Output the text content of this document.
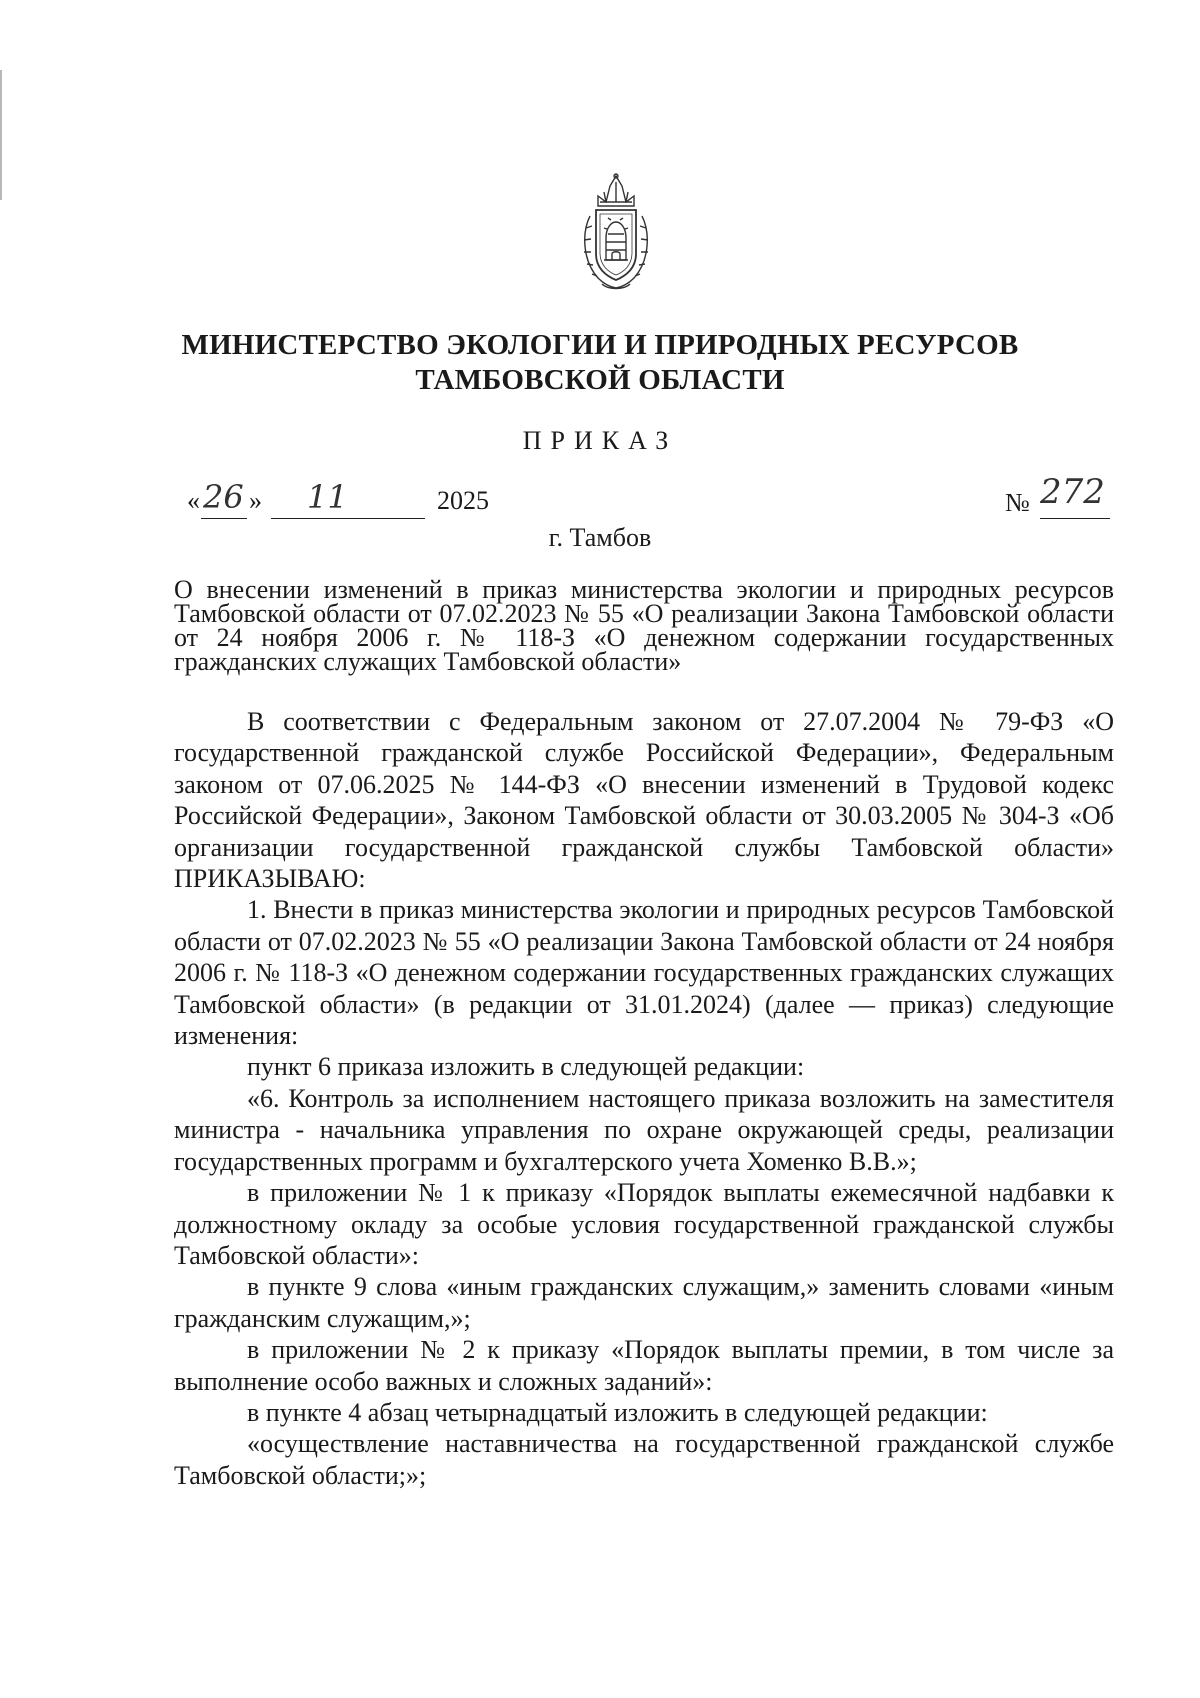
МИНИСТЕРСТВО ЭКОЛОГИИ И ПРИРОДНЫХ РЕСУРСОВ
ТАМБОВСКОЙ ОБЛАСТИ
ПРИКАЗ
« 26 » 11	2025	№ 272
г. Тамбов
О внесении изменений в приказ министерства экологии и природных ресурсов Тамбовской области от 07.02.2023 № 55 «О реализации Закона Тамбовской области от 24 ноября 2006 г. № 118-З «О денежном содержании государственных гражданских служащих Тамбовской области»

В соответствии с Федеральным законом от 27.07.2004 № 79-ФЗ «О государственной гражданской службе Российской Федерации», Федеральным законом от 07.06.2025 № 144-ФЗ «О внесении изменений в Трудовой кодекс Российской Федерации», Законом Тамбовской области от 30.03.2005 № 304-З «Об организации государственной гражданской службы Тамбовской области» ПРИКАЗЫВАЮ:

1. Внести в приказ министерства экологии и природных ресурсов Тамбовской области от 07.02.2023 № 55 «О реализации Закона Тамбовской области от 24 ноября 2006 г. № 118-З «О денежном содержании государственных гражданских служащих Тамбовской области» (в редакции от 31.01.2024) (далее — приказ) следующие изменения:

пункт 6 приказа изложить в следующей редакции:

«6. Контроль за исполнением настоящего приказа возложить на заместителя министра - начальника управления по охране окружающей среды, реализации государственных программ и бухгалтерского учета Хоменко В.В.»;

в приложении № 1 к приказу «Порядок выплаты ежемесячной надбавки к должностному окладу за особые условия государственной гражданской службы Тамбовской области»:

в пункте 9 слова «иным гражданских служащим,» заменить словами «иным гражданским служащим,»;

в приложении № 2 к приказу «Порядок выплаты премии, в том числе за выполнение особо важных и сложных заданий»:

в пункте 4 абзац четырнадцатый изложить в следующей редакции:

«осуществление наставничества на государственной гражданской службе Тамбовской области;»;
